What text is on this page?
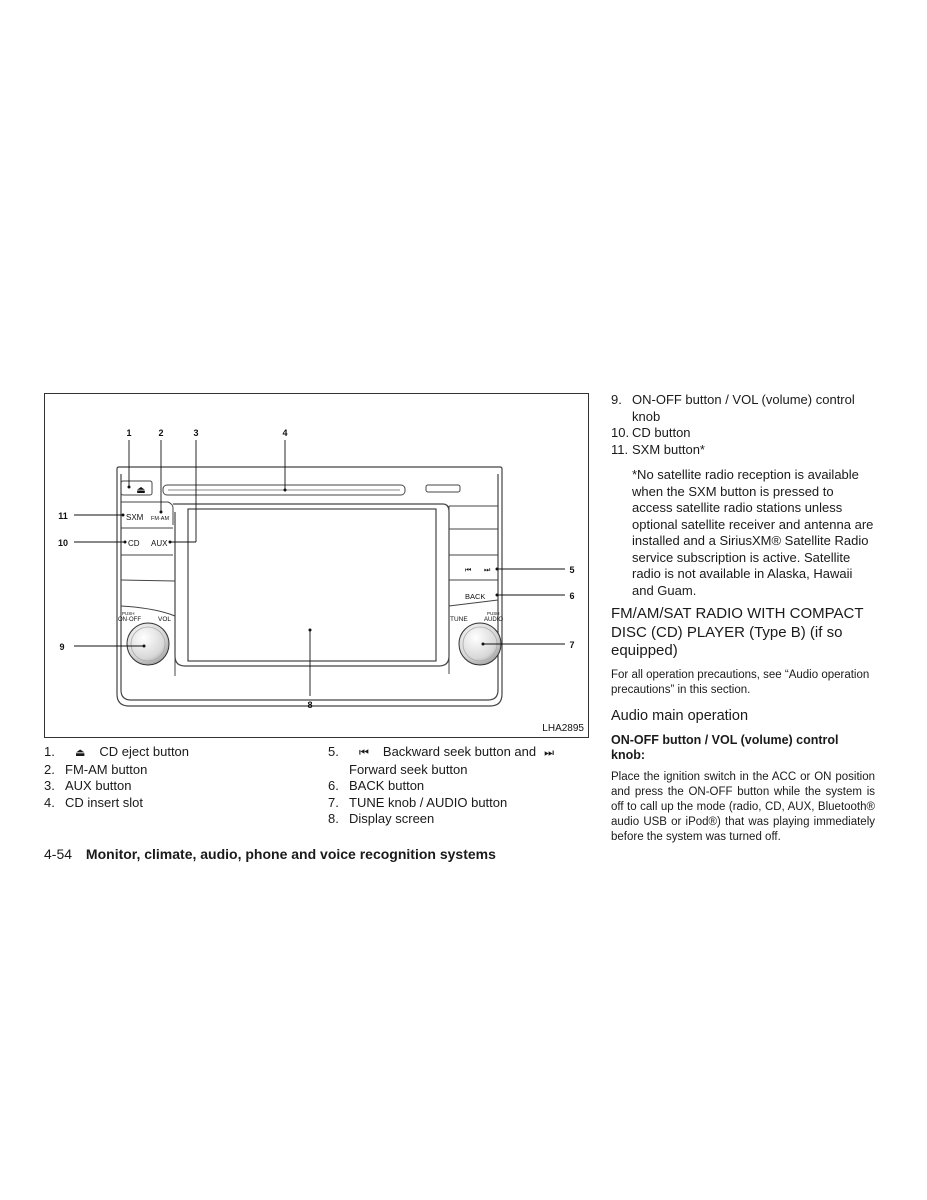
⏏
SXM FM·AM
CD AUX
⏮ ⏭
BACK
PUSH
ON·OFF	VOL	TUNE
PUSH
AUDIO
1	2	3	4
5
6
7
8
9
10
11
LHA2895
1. ⏏ CD eject button
2. FM-AM button
3. AUX button
4. CD insert slot
5. ⏮ Backward seek button and ⏭
Forward seek button
6. BACK button
7. TUNE knob / AUDIO button
8. Display screen
9. ON-OFF button / VOL (volume) control knob
10. CD button
11. SXM button*
*No satellite radio reception is available when the SXM button is pressed to access satellite radio stations unless optional satellite receiver and antenna are installed and a SiriusXM® Satellite Radio service subscription is active. Satellite radio is not available in Alaska, Hawaii and Guam.
FM/AM/SAT RADIO WITH COMPACT DISC (CD) PLAYER (Type B) (if so equipped)
For all operation precautions, see “Audio operation precautions” in this section.
Audio main operation
ON-OFF button / VOL (volume) control knob:
Place the ignition switch in the ACC or ON position and press the ON-OFF button while the system is off to call up the mode (radio, CD, AUX, Bluetooth® audio USB or iPod®) that was playing immediately before the system was turned off.
4-54 Monitor, climate, audio, phone and voice recognition systems
